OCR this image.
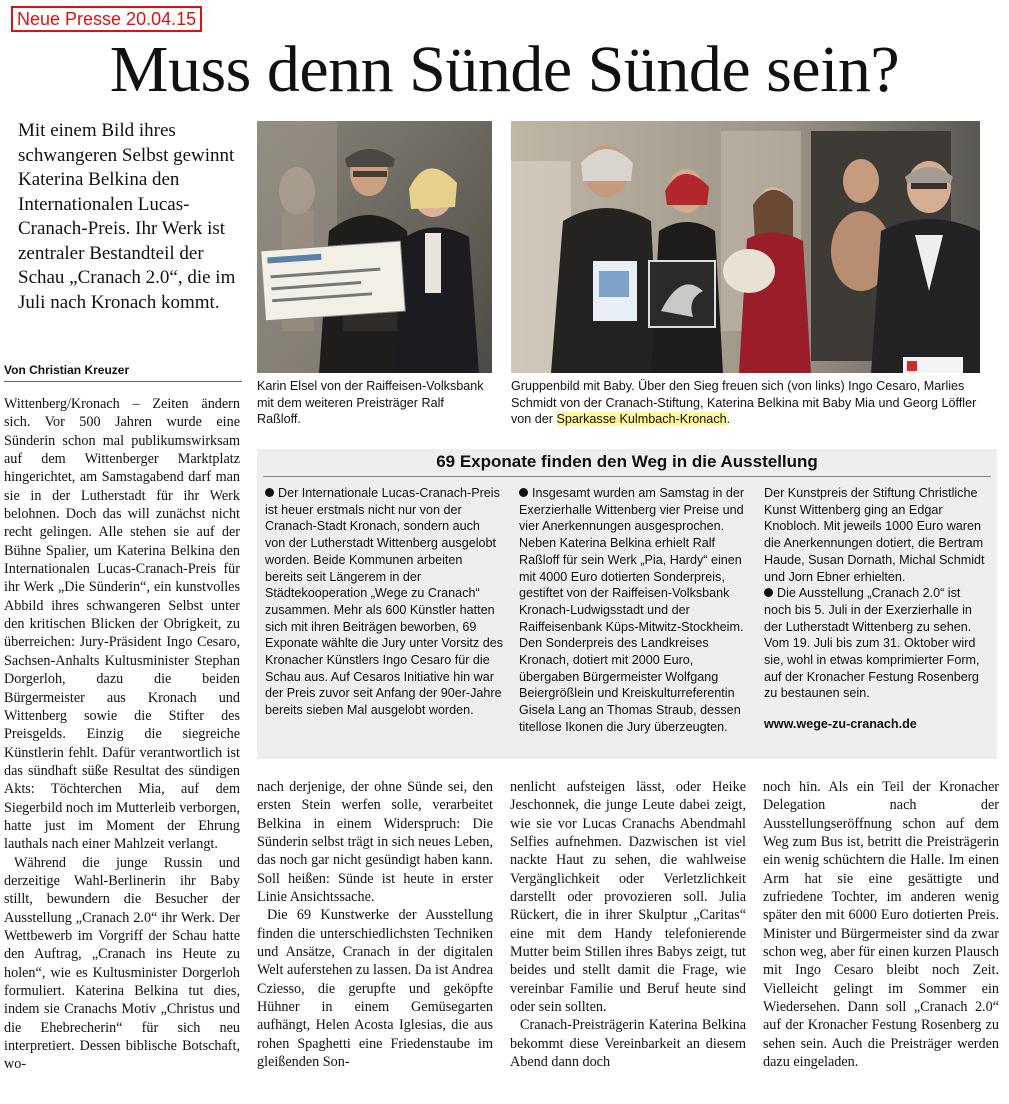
Neue Presse 20.04.15
Muss denn Sünde Sünde sein?

Mit einem Bild ihres schwangeren Selbst gewinnt Katerina Belkina den Internationalen Lucas-Cranach-Preis. Ihr Werk ist zentraler Bestandteil der Schau „Cranach 2.0“, die im Juli nach Kronach kommt.

Von Christian Kreuzer

Karin Elsel von der Raiffeisen-Volksbank mit dem weiteren Preisträger Ralf Raßloff.

Gruppenbild mit Baby. Über den Sieg freuen sich (von links) Ingo Cesaro, Marlies Schmidt von der Cranach-Stiftung, Katerina Belkina mit Baby Mia und Georg Löffler von der Sparkasse Kulmbach-Kronach.

Wittenberg/Kronach – Zeiten ändern sich. Vor 500 Jahren wurde eine Sünderin schon mal publikumswirksam auf dem Wittenberger Marktplatz hingerichtet, am Samstagabend darf man sie in der Lutherstadt für ihr Werk belohnen. Doch das will zunächst nicht recht gelingen. Alle stehen sie auf der Bühne Spalier, um Katerina Belkina den Internationalen Lucas-Cranach-Preis für ihr Werk „Die Sünderin“, ein kunstvolles Abbild ihres schwangeren Selbst unter den kritischen Blicken der Obrigkeit, zu überreichen: Jury-Präsident Ingo Cesaro, Sachsen-Anhalts Kultusminister Stephan Dorgerloh, dazu die beiden Bürgermeister aus Kronach und Wittenberg sowie die Stifter des Preisgelds. Einzig die siegreiche Künstlerin fehlt. Dafür verantwortlich ist das sündhaft süße Resultat des sündigen Akts: Töchterchen Mia, auf dem Siegerbild noch im Mutterleib verborgen, hatte just im Moment der Ehrung lauthals nach einer Mahlzeit verlangt.

Während die junge Russin und derzeitige Wahl-Berlinerin ihr Baby stillt, bewundern die Besucher der Ausstellung „Cranach 2.0“ ihr Werk. Der Wettbewerb im Vorgriff der Schau hatte den Auftrag, „Cranach ins Heute zu holen“, wie es Kultusminister Dorgerloh formuliert. Katerina Belkina tut dies, indem sie Cranachs Motiv „Christus und die Ehebrecherin“ für sich neu interpretiert. Dessen biblische Botschaft, wo-

69 Exponate finden den Weg in die Ausstellung

Der Internationale Lucas-Cranach-Preis ist heuer erstmals nicht nur von der Cranach-Stadt Kronach, sondern auch von der Lutherstadt Wittenberg ausgelobt worden. Beide Kommunen arbeiten bereits seit Längerem in der Städtekooperation „Wege zu Cranach“ zusammen. Mehr als 600 Künstler hatten sich mit ihren Beiträgen beworben, 69 Exponate wählte die Jury unter Vorsitz des Kronacher Künstlers Ingo Cesaro für die Schau aus. Auf Cesaros Initiative hin war der Preis zuvor seit Anfang der 90er-Jahre bereits sieben Mal ausgelobt worden.

Insgesamt wurden am Samstag in der Exerzierhalle Wittenberg vier Preise und vier Anerkennungen ausgesprochen. Neben Katerina Belkina erhielt Ralf Raßloff für sein Werk „Pia, Hardy“ einen mit 4000 Euro dotierten Sonderpreis, gestiftet von der Raiffeisen-Volksbank Kronach-Ludwigsstadt und der Raiffeisenbank Küps-Mitwitz-Stockheim. Den Sonderpreis des Landkreises Kronach, dotiert mit 2000 Euro, übergaben Bürgermeister Wolfgang Beiergrößlein und Kreiskulturreferentin Gisela Lang an Thomas Straub, dessen titellose Ikonen die Jury überzeugten.

Der Kunstpreis der Stiftung Christliche Kunst Wittenberg ging an Edgar Knobloch. Mit jeweils 1000 Euro waren die Anerkennungen dotiert, die Bertram Haude, Susan Dornath, Michal Schmidt und Jorn Ebner erhielten.

Die Ausstellung „Cranach 2.0“ ist noch bis 5. Juli in der Exerzierhalle in der Lutherstadt Wittenberg zu sehen. Vom 19. Juli bis zum 31. Oktober wird sie, wohl in etwas komprimierter Form, auf der Kronacher Festung Rosenberg zu bestaunen sein.

www.wege-zu-cranach.de

nach derjenige, der ohne Sünde sei, den ersten Stein werfen solle, verarbeitet Belkina in einem Widerspruch: Die Sünderin selbst trägt in sich neues Leben, das noch gar nicht gesündigt haben kann. Soll heißen: Sünde ist heute in erster Linie Ansichtssache.

Die 69 Kunstwerke der Ausstellung finden die unterschiedlichsten Techniken und Ansätze, Cranach in der digitalen Welt auferstehen zu lassen. Da ist Andrea Cziesso, die gerupfte und geköpfte Hühner in einem Gemüsegarten aufhängt, Helen Acosta Iglesias, die aus rohen Spaghetti eine Friedenstaube im gleißenden Son-

nenlicht aufsteigen lässt, oder Heike Jeschonnek, die junge Leute dabei zeigt, wie sie vor Lucas Cranachs Abendmahl Selfies aufnehmen. Dazwischen ist viel nackte Haut zu sehen, die wahlweise Vergänglichkeit oder Verletzlichkeit darstellt oder provozieren soll. Julia Rückert, die in ihrer Skulptur „Caritas“ eine mit dem Handy telefonierende Mutter beim Stillen ihres Babys zeigt, tut beides und stellt damit die Frage, wie vereinbar Familie und Beruf heute sind oder sein sollten.

Cranach-Preisträgerin Katerina Belkina bekommt diese Vereinbarkeit an diesem Abend dann doch

noch hin. Als ein Teil der Kronacher Delegation nach der Ausstellungseröffnung schon auf dem Weg zum Bus ist, betritt die Preisträgerin ein wenig schüchtern die Halle. Im einen Arm hat sie eine gesättigte und zufriedene Tochter, im anderen wenig später den mit 6000 Euro dotierten Preis. Minister und Bürgermeister sind da zwar schon weg, aber für einen kurzen Plausch mit Ingo Cesaro bleibt noch Zeit. Vielleicht gelingt im Sommer ein Wiedersehen. Dann soll „Cranach 2.0“ auf der Kronacher Festung Rosenberg zu sehen sein. Auch die Preisträger werden dazu eingeladen.
